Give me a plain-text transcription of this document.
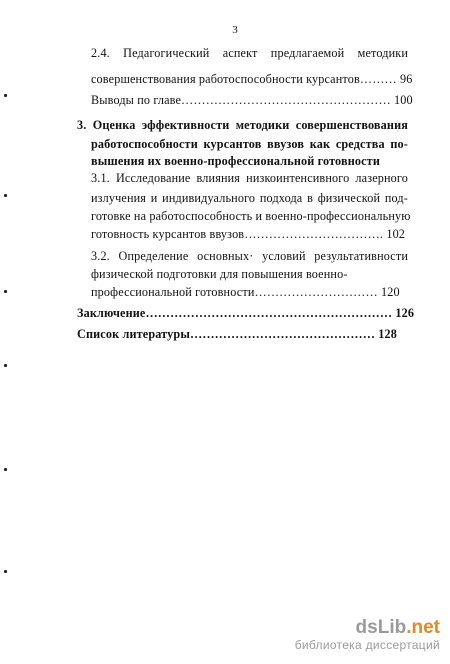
3
2.4. Педагогический аспект предлагаемой методики
совершенствования работоспособности курсантов……… 96
Выводы по главе…………………………………………… 100
3. Оценка эффективности методики совершенствования
работоспособности курсантов ввузов как средства по-
вышения их военно-профессиональной готовности
3.1. Исследование влияния низкоинтенсивного лазерного
излучения и индивидуального подхода в физической под-
готовке на работоспособность и военно-профессиональную
готовность курсантов ввузов……………………………. 102
3.2. Определение основных· условий результативности
физической подготовки для повышения военно-
профессиональной готовности………………………… 120
Заключение…………………………………………………… 126
Список литературы……………………………………… 128
dsLib.net
библиотека диссертаций
